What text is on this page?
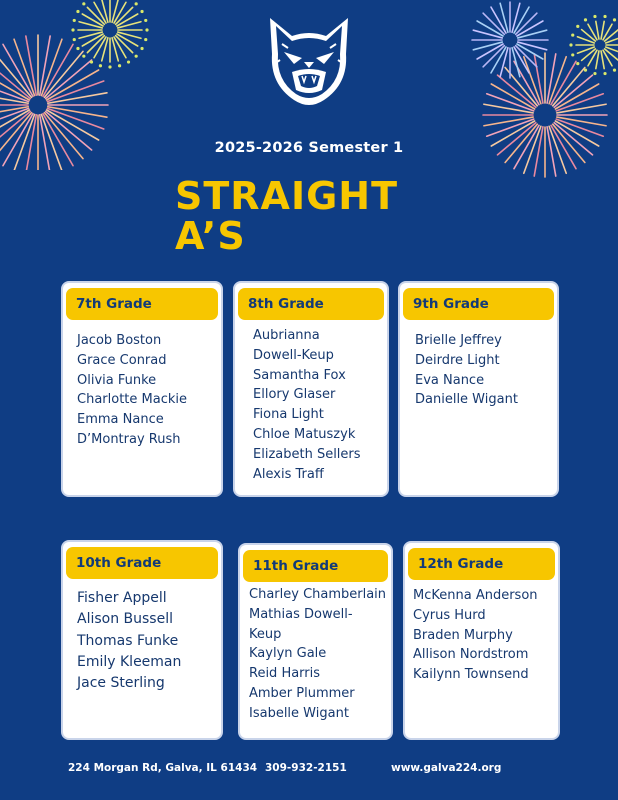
2025-2026 Semester 1
STRAIGHT
A’S
7th Grade
Jacob Boston
Grace Conrad
Olivia Funke
Charlotte Mackie
Emma Nance
D’Montray Rush
8th Grade
Aubrianna
Dowell-Keup
Samantha Fox
Ellory Glaser
Fiona Light
Chloe Matuszyk
Elizabeth Sellers
Alexis Traff
9th Grade
Brielle Jeffrey
Deirdre Light
Eva Nance
Danielle Wigant
10th Grade
Fisher Appell
Alison Bussell
Thomas Funke
Emily Kleeman
Jace Sterling
11th Grade
Charley Chamberlain
Mathias Dowell-
Keup
Kaylyn Gale
Reid Harris
Amber Plummer
Isabelle Wigant
12th Grade
McKenna Anderson
Cyrus Hurd
Braden Murphy
Allison Nordstrom
Kailynn Townsend
224 Morgan Rd, Galva, IL 61434 309-932-2151	www.galva224.org
